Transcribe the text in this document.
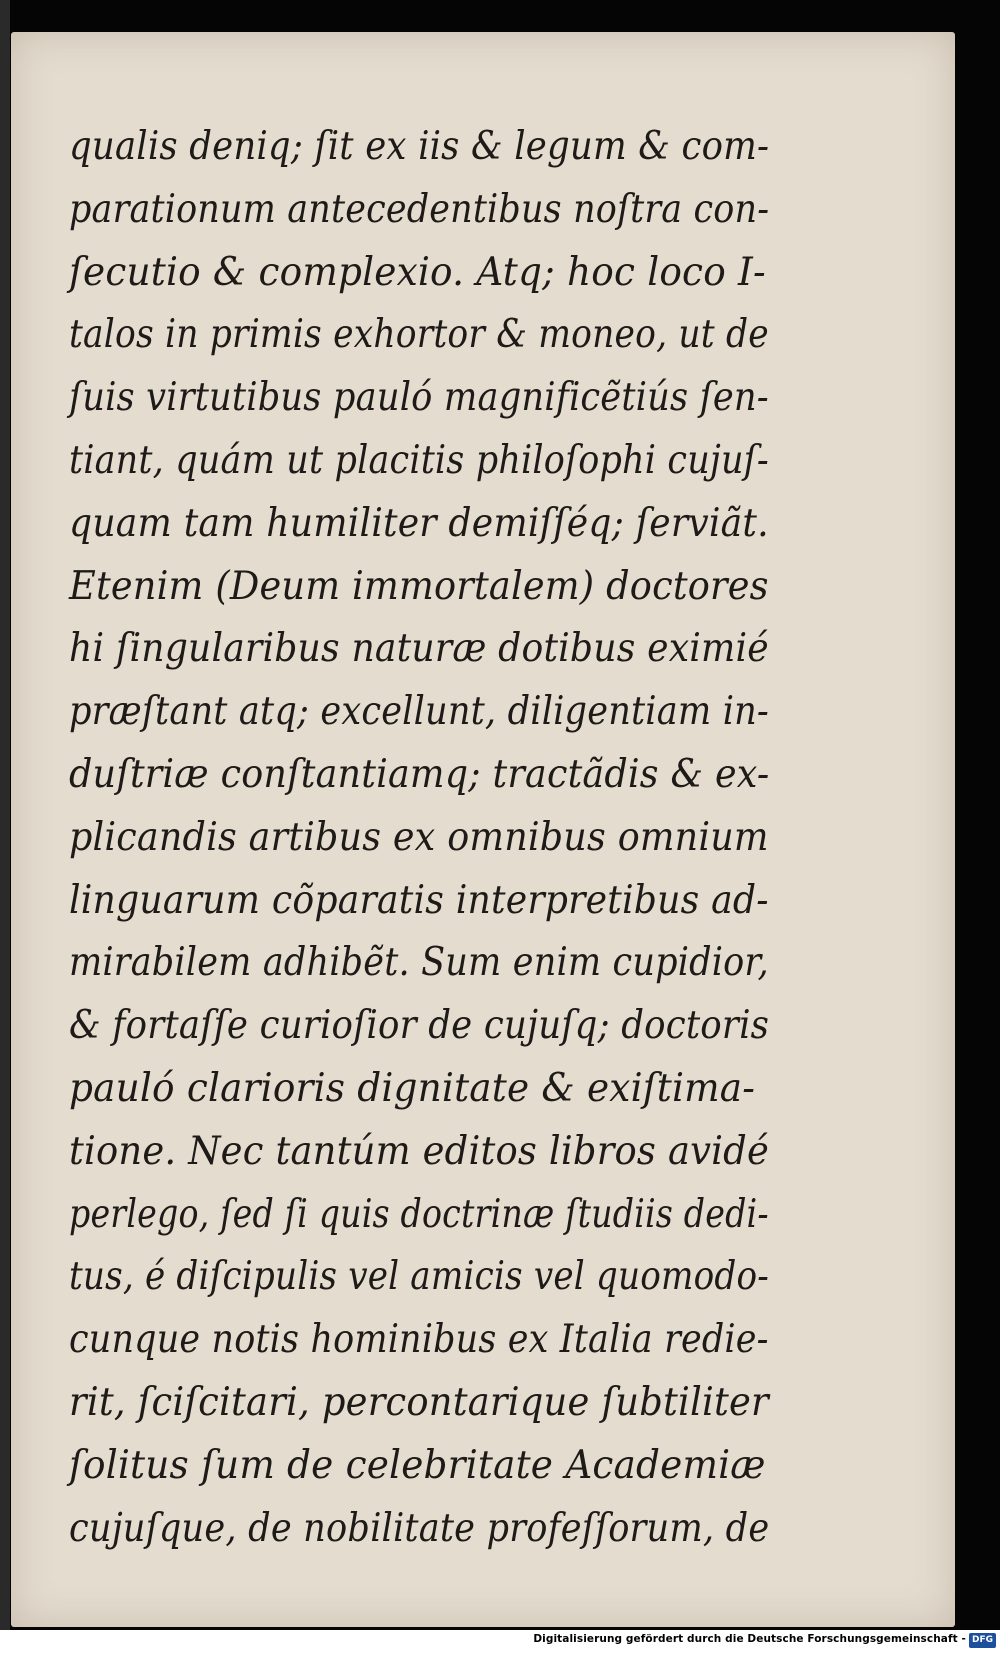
qualis deniq; ſit ex iis & legum & com-
parationum antecedentibus noſtra con-
ſecutio & complexio. Atq; hoc loco I-
talos in primis exhortor & moneo, ut de
ſuis virtutibus pauló magnificẽtiús ſen-
tiant, quám ut placitis philoſophi cujuſ-
quam tam humiliter demiſſéq; ſerviãt.
Etenim (Deum immortalem) doctores
hi ſingularibus naturæ dotibus eximié
præſtant atq; excellunt, diligentiam in-
duſtriæ conſtantiamq; tractãdis & ex-
plicandis artibus ex omnibus omnium
linguarum cõparatis interpretibus ad-
mirabilem adhibẽt. Sum enim cupidior,
& fortaſſe curioſior de cujuſq; doctoris
pauló clarioris dignitate & exiſtima-
tione. Nec tantúm editos libros avidé
perlego, ſed ſi quis doctrinæ ſtudiis dedi-
tus, é diſcipulis vel amicis vel quomodo-
cunque notis hominibus ex Italia redie-
rit, ſciſcitari, percontarique ſubtiliter
ſolitus ſum de celebritate Academiæ
cujuſque, de nobilitate profeſſorum, de
Digitalisierung gefördert durch die Deutsche Forschungsgemeinschaft - DFG
